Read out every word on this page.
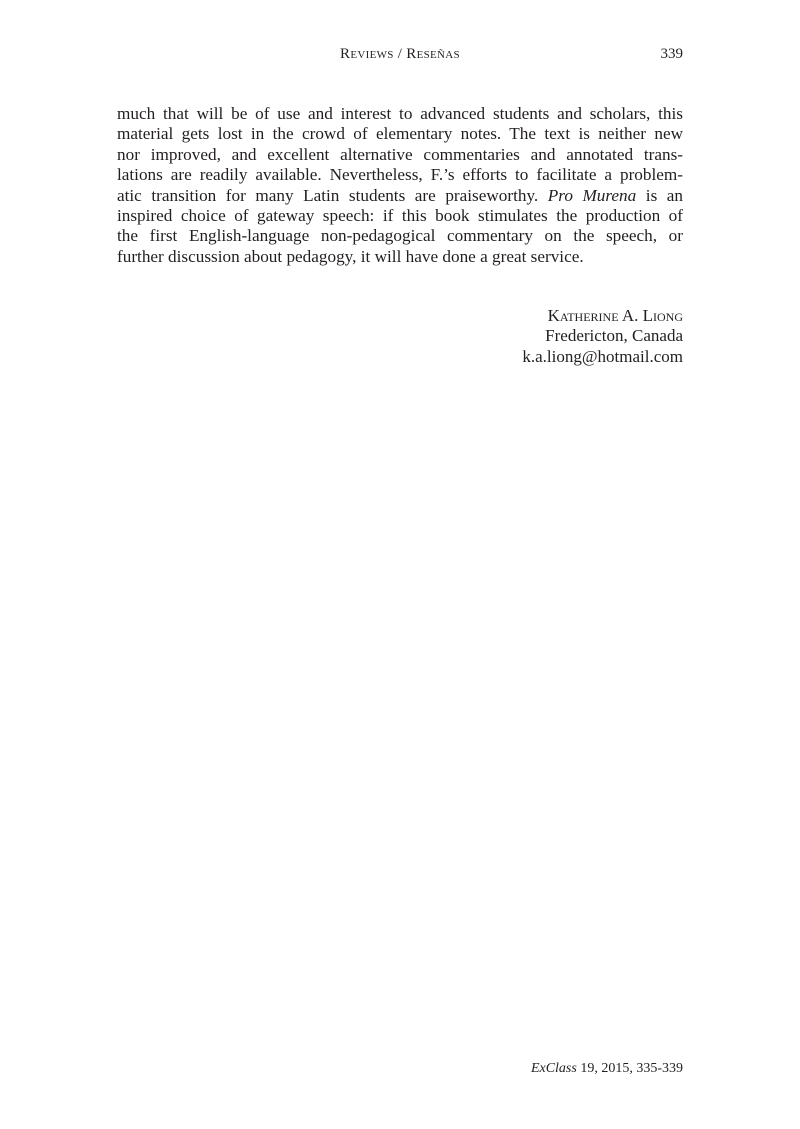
Reviews / Reseñas	339
much that will be of use and interest to advanced students and scholars, this
material gets lost in the crowd of elementary notes. The text is neither new
nor improved, and excellent alternative commentaries and annotated trans-
lations are readily available. Nevertheless, F.’s efforts to facilitate a problem-
atic transition for many Latin students are praiseworthy. Pro Murena is an
inspired choice of gateway speech: if this book stimulates the production of
the first English-language non-pedagogical commentary on the speech, or
further discussion about pedagogy, it will have done a great service.
Katherine A. Liong
Fredericton, Canada
k.a.liong@hotmail.com
ExClass 19, 2015, 335-339
